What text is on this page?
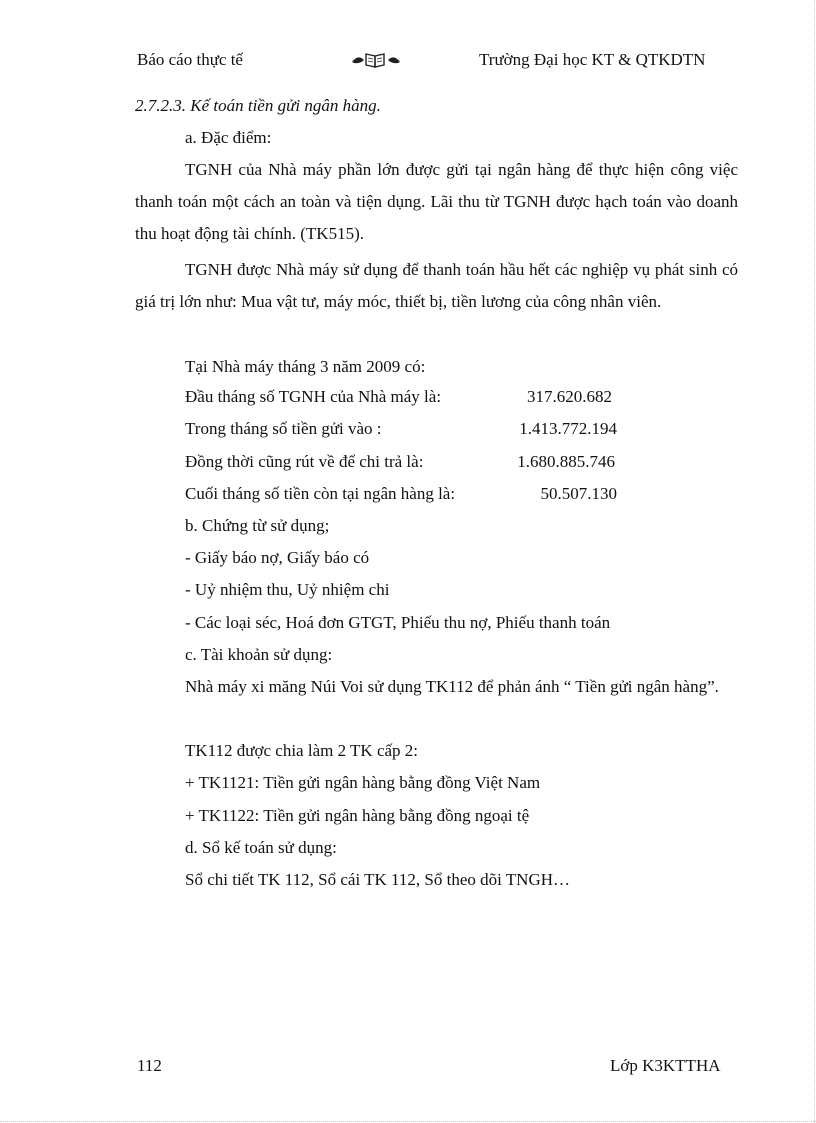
Báo cáo thực tế	Trường Đại học KT & QTKDTN
2.7.2.3. Kế toán tiền gửi ngân hàng.
a. Đặc điểm:
TGNH của Nhà máy phần lớn được gửi tại ngân hàng để thực hiện công việc thanh toán một cách an toàn và tiện dụng. Lãi thu từ TGNH được hạch toán vào doanh thu hoạt động tài chính. (TK515).
TGNH được Nhà máy sử dụng để thanh toán hầu hết các nghiệp vụ phát sinh có giá trị lớn như: Mua vật tư, máy móc, thiết bị, tiền lương của công nhân viên.
Tại Nhà máy tháng 3 năm 2009 có:
Đầu tháng số TGNH của Nhà máy là:	317.620.682
Trong tháng số tiền gửi vào :	1.413.772.194
Đồng thời cũng rút về để chi trả là:	1.680.885.746
Cuối tháng số tiền còn tại ngân hàng là:	50.507.130
b. Chứng từ sử dụng;
- Giấy báo nợ, Giấy báo có
- Uỷ nhiệm thu, Uỷ nhiệm chi
- Các loại séc, Hoá đơn GTGT, Phiếu thu nợ, Phiếu thanh toán
c. Tài khoản sử dụng:
Nhà máy xi măng Núi Voi sử dụng TK112 để phản ánh “ Tiền gửi ngân hàng”.
TK112 được chia làm 2 TK cấp 2:
+ TK1121: Tiền gửi ngân hàng bằng đồng Việt Nam
+ TK1122: Tiền gửi ngân hàng bằng đồng ngoại tệ
d. Sổ kế toán sử dụng:
Sổ chi tiết TK 112, Sổ cái TK 112, Sổ theo dõi TNGH…
112	Lớp K3KTTHA
